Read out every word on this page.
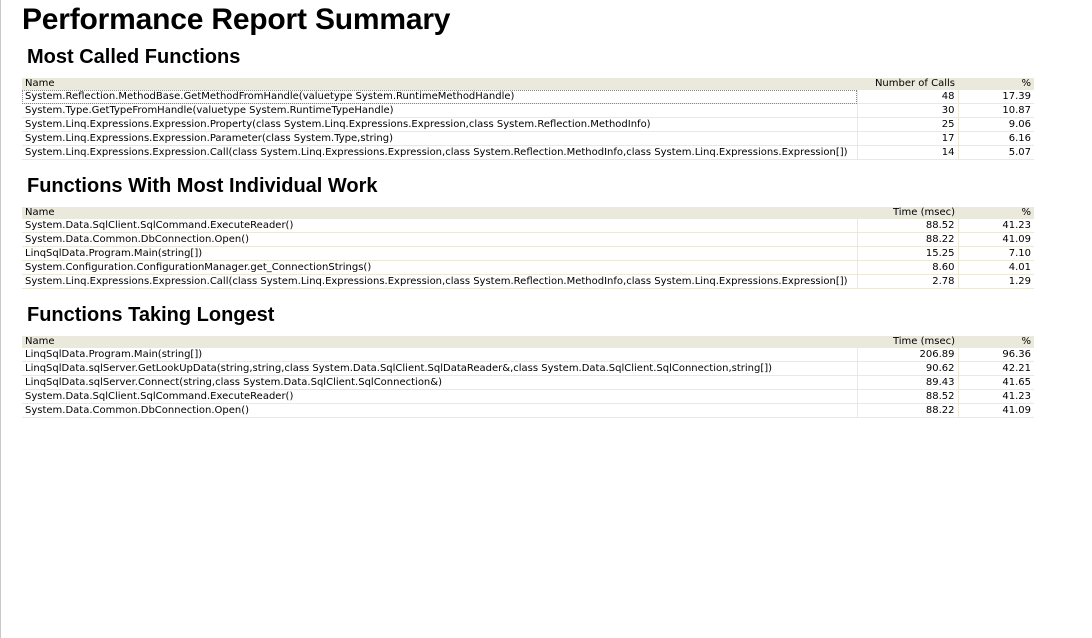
Performance Report Summary
Most Called Functions
Name	Number of Calls	%
System.Reflection.MethodBase.GetMethodFromHandle(valuetype System.RuntimeMethodHandle)	48	17.39
System.Type.GetTypeFromHandle(valuetype System.RuntimeTypeHandle)	30	10.87
System.Linq.Expressions.Expression.Property(class System.Linq.Expressions.Expression,class System.Reflection.MethodInfo)	25	9.06
System.Linq.Expressions.Expression.Parameter(class System.Type,string)	17	6.16
System.Linq.Expressions.Expression.Call(class System.Linq.Expressions.Expression,class System.Reflection.MethodInfo,class System.Linq.Expressions.Expression[])	14	5.07
Functions With Most Individual Work
Name	Time (msec)	%
System.Data.SqlClient.SqlCommand.ExecuteReader()	88.52	41.23
System.Data.Common.DbConnection.Open()	88.22	41.09
LinqSqlData.Program.Main(string[])	15.25	7.10
System.Configuration.ConfigurationManager.get_ConnectionStrings()	8.60	4.01
System.Linq.Expressions.Expression.Call(class System.Linq.Expressions.Expression,class System.Reflection.MethodInfo,class System.Linq.Expressions.Expression[])	2.78	1.29
Functions Taking Longest
Name	Time (msec)	%
LinqSqlData.Program.Main(string[])	206.89	96.36
LinqSqlData.sqlServer.GetLookUpData(string,string,class System.Data.SqlClient.SqlDataReader&,class System.Data.SqlClient.SqlConnection,string[])	90.62	42.21
LinqSqlData.sqlServer.Connect(string,class System.Data.SqlClient.SqlConnection&)	89.43	41.65
System.Data.SqlClient.SqlCommand.ExecuteReader()	88.52	41.23
System.Data.Common.DbConnection.Open()	88.22	41.09
